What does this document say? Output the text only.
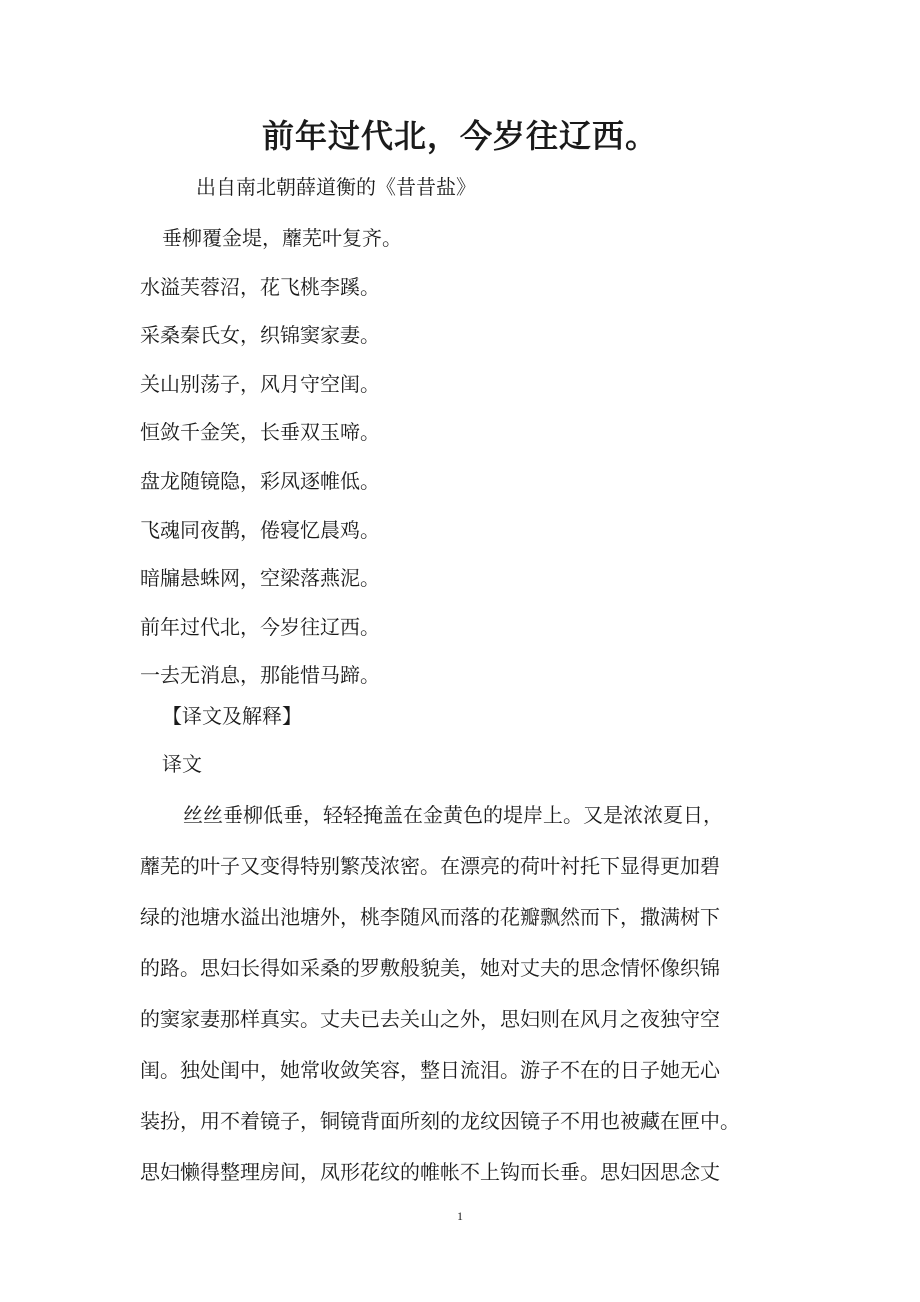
前年过代北，今岁往辽西。
出自南北朝薛道衡的《昔昔盐》
垂柳覆金堤，蘼芜叶复齐。
水溢芙蓉沼，花飞桃李蹊。
采桑秦氏女，织锦窦家妻。
关山别荡子，风月守空闺。
恒敛千金笑，长垂双玉啼。
盘龙随镜隐，彩凤逐帷低。
飞魂同夜鹊，倦寝忆晨鸡。
暗牖悬蛛网，空梁落燕泥。
前年过代北，今岁往辽西。
一去无消息，那能惜马蹄。
【译文及解释】
译文
丝丝垂柳低垂，轻轻掩盖在金黄色的堤岸上。又是浓浓夏日，
蘼芜的叶子又变得特别繁茂浓密。在漂亮的荷叶衬托下显得更加碧
绿的池塘水溢出池塘外，桃李随风而落的花瓣飘然而下，撒满树下
的路。思妇长得如采桑的罗敷般貌美，她对丈夫的思念情怀像织锦
的窦家妻那样真实。丈夫已去关山之外，思妇则在风月之夜独守空
闺。独处闺中，她常收敛笑容，整日流泪。游子不在的日子她无心
装扮，用不着镜子，铜镜背面所刻的龙纹因镜子不用也被藏在匣中。
思妇懒得整理房间，凤形花纹的帷帐不上钩而长垂。思妇因思念丈
1
